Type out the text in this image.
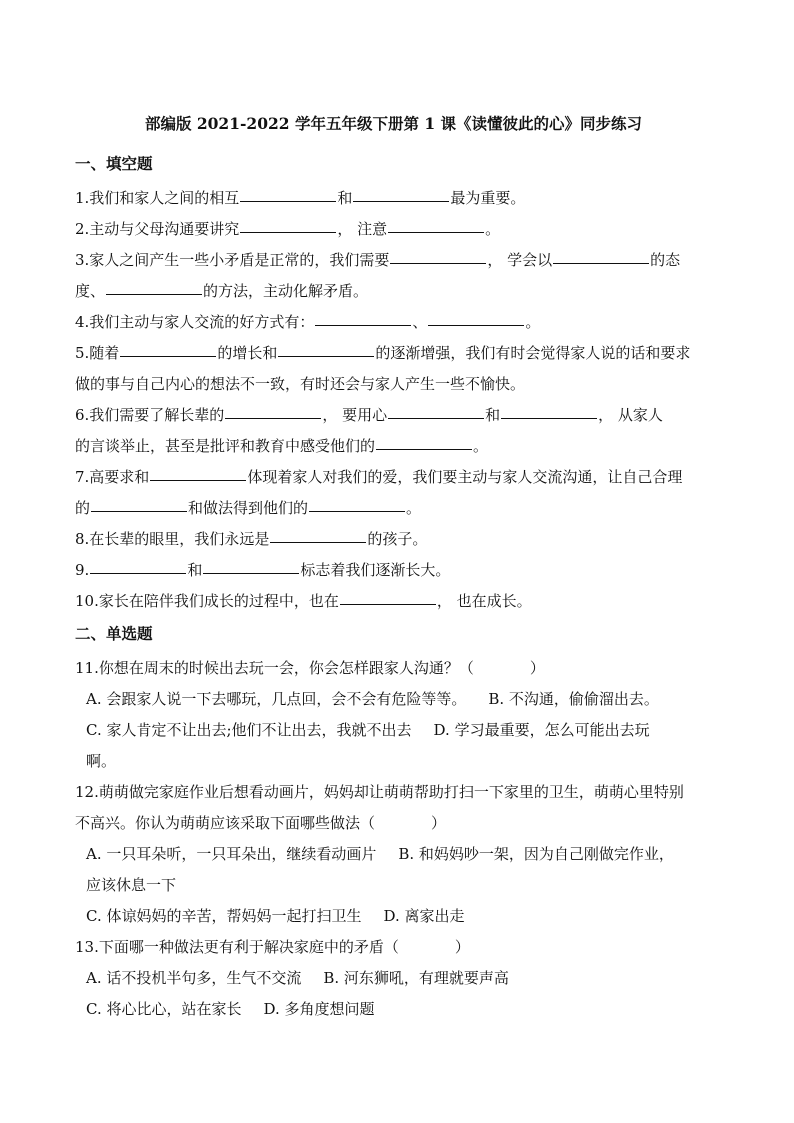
部编版 2021-2022 学年五年级下册第 1 课《读懂彼此的心》同步练习
一、填空题
1.我们和家人之间的相互	和	最为重要。
2.主动与父母沟通要讲究	， 注意	。
3.家人之间产生一些小矛盾是正常的，我们需要	， 学会以	的态
度、	的方法，主动化解矛盾。
4.我们主动与家人交流的好方式有：	、	。
5.随着	的增长和	的逐渐增强，我们有时会觉得家人说的话和要求
做的事与自己内心的想法不一致，有时还会与家人产生一些不愉快。
6.我们需要了解长辈的	， 要用心	和	， 从家人
的言谈举止，甚至是批评和教育中感受他们的	。
7.高要求和	体现着家人对我们的爱，我们要主动与家人交流沟通，让自己合理
的	和做法得到他们的	。
8.在长辈的眼里，我们永远是	的孩子。
9.	和	标志着我们逐渐长大。
10.家长在陪伴我们成长的过程中，也在	， 也在成长。
二、单选题
11.你想在周末的时候出去玩一会，你会怎样跟家人沟通？（	）
A. 会跟家人说一下去哪玩，几点回，会不会有危险等等。 B. 不沟通，偷偷溜出去。
C. 家人肯定不让出去;他们不让出去，我就不出去 D. 学习最重要，怎么可能出去玩
啊。
12.萌萌做完家庭作业后想看动画片，妈妈却让萌萌帮助打扫一下家里的卫生，萌萌心里特别
不高兴。你认为萌萌应该采取下面哪些做法（	）
A. 一只耳朵听，一只耳朵出，继续看动画片 B. 和妈妈吵一架，因为自己刚做完作业，
应该休息一下
C. 体谅妈妈的辛苦，帮妈妈一起打扫卫生 D. 离家出走
13.下面哪一种做法更有利于解决家庭中的矛盾（	）
A. 话不投机半句多，生气不交流 B. 河东狮吼，有理就要声高
C. 将心比心，站在家长 D. 多角度想问题
